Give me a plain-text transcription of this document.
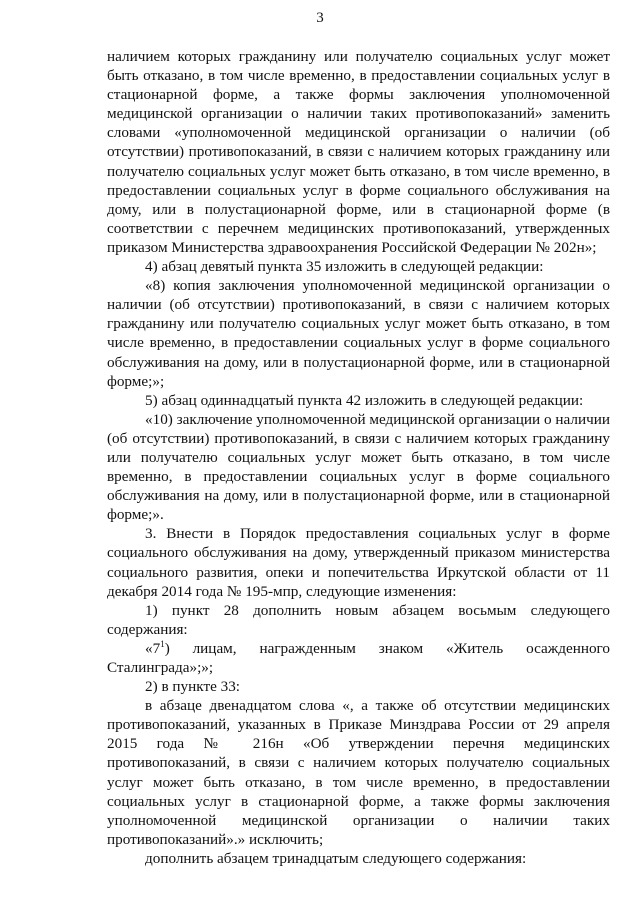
3

наличием которых гражданину или получателю социальных услуг может быть отказано, в том числе временно, в предоставлении социальных услуг в стационарной форме, а также формы заключения уполномоченной медицинской организации о наличии таких противопоказаний» заменить словами «уполномоченной медицинской организации о наличии (об отсутствии) противопоказаний, в связи с наличием которых гражданину или получателю социальных услуг может быть отказано, в том числе временно, в предоставлении социальных услуг в форме социального обслуживания на дому, или в полустационарной форме, или в стационарной форме (в соответствии с перечнем медицинских противопоказаний, утвержденных приказом Министерства здравоохранения Российской Федерации № 202н»;

4) абзац девятый пункта 35 изложить в следующей редакции:

«8) копия заключения уполномоченной медицинской организации о наличии (об отсутствии) противопоказаний, в связи с наличием которых гражданину или получателю социальных услуг может быть отказано, в том числе временно, в предоставлении социальных услуг в форме социального обслуживания на дому, или в полустационарной форме, или в стационарной форме;»;

5) абзац одиннадцатый пункта 42 изложить в следующей редакции:

«10) заключение уполномоченной медицинской организации о наличии (об отсутствии) противопоказаний, в связи с наличием которых гражданину или получателю социальных услуг может быть отказано, в том числе временно, в предоставлении социальных услуг в форме социального обслуживания на дому, или в полустационарной форме, или в стационарной форме;».

3. Внести в Порядок предоставления социальных услуг в форме социального обслуживания на дому, утвержденный приказом министерства социального развития, опеки и попечительства Иркутской области от 11 декабря 2014 года № 195-мпр, следующие изменения:

1) пункт 28 дополнить новым абзацем восьмым следующего содержания:

«$7^1$) лицам, награжденным знаком «Житель осажденного Сталинграда»;»;

2) в пункте 33:

в абзаце двенадцатом слова «, а также об отсутствии медицинских противопоказаний, указанных в Приказе Минздрава России от 29 апреля 2015 года № 216н «Об утверждении перечня медицинских противопоказаний, в связи с наличием которых получателю социальных услуг может быть отказано, в том числе временно, в предоставлении социальных услуг в стационарной форме, а также формы заключения уполномоченной медицинской организации о наличии таких противопоказаний».» исключить;

дополнить абзацем тринадцатым следующего содержания:
